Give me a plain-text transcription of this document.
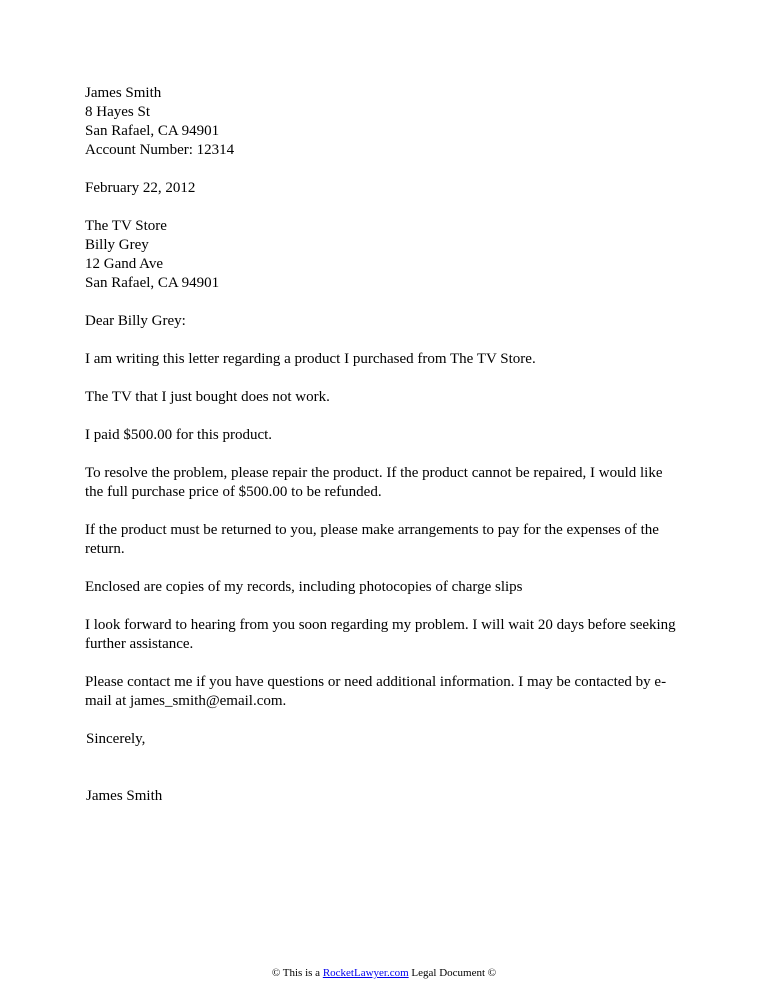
James Smith
8 Hayes St
San Rafael, CA 94901
Account Number: 12314
February 22, 2012
The TV Store
Billy Grey
12 Gand Ave
San Rafael, CA 94901
Dear Billy Grey:
I am writing this letter regarding a product I purchased from The TV Store.
The TV that I just bought does not work.
I paid $500.00 for this product.
To resolve the problem, please repair the product. If the product cannot be repaired, I would like
the full purchase price of $500.00 to be refunded.
If the product must be returned to you, please make arrangements to pay for the expenses of the
return.
Enclosed are copies of my records, including photocopies of charge slips
I look forward to hearing from you soon regarding my problem. I will wait 20 days before seeking
further assistance.
Please contact me if you have questions or need additional information. I may be contacted by e-
mail at james_smith@email.com.
Sincerely,
James Smith
© This is a RocketLawyer.com Legal Document ©
